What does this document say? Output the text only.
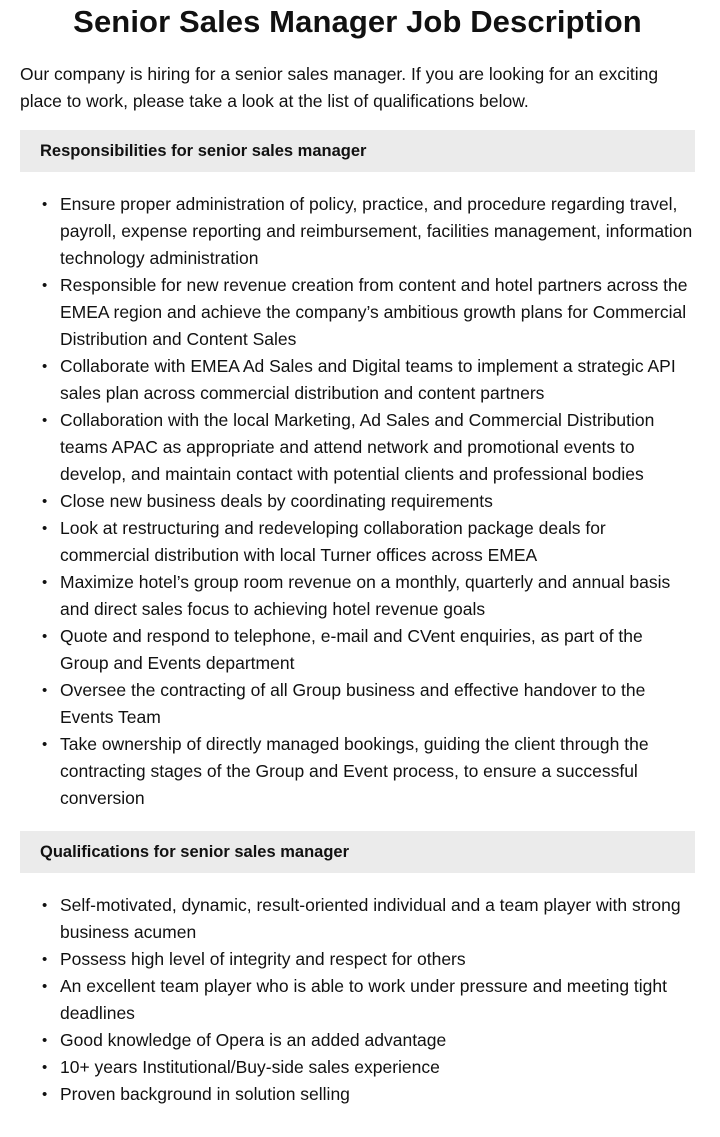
Senior Sales Manager Job Description

Our company is hiring for a senior sales manager. If you are looking for an exciting place to work, please take a look at the list of qualifications below.

Responsibilities for senior sales manager
• Ensure proper administration of policy, practice, and procedure regarding travel, payroll, expense reporting and reimbursement, facilities management, information technology administration
• Responsible for new revenue creation from content and hotel partners across the EMEA region and achieve the company’s ambitious growth plans for Commercial Distribution and Content Sales
• Collaborate with EMEA Ad Sales and Digital teams to implement a strategic API sales plan across commercial distribution and content partners
• Collaboration with the local Marketing, Ad Sales and Commercial Distribution teams APAC as appropriate and attend network and promotional events to develop, and maintain contact with potential clients and professional bodies
• Close new business deals by coordinating requirements
• Look at restructuring and redeveloping collaboration package deals for commercial distribution with local Turner offices across EMEA
• Maximize hotel’s group room revenue on a monthly, quarterly and annual basis and direct sales focus to achieving hotel revenue goals
• Quote and respond to telephone, e-mail and CVent enquiries, as part of the Group and Events department
• Oversee the contracting of all Group business and effective handover to the Events Team
• Take ownership of directly managed bookings, guiding the client through the contracting stages of the Group and Event process, to ensure a successful conversion
Qualifications for senior sales manager
• Self-motivated, dynamic, result-oriented individual and a team player with strong business acumen
• Possess high level of integrity and respect for others
• An excellent team player who is able to work under pressure and meeting tight deadlines
• Good knowledge of Opera is an added advantage
• 10+ years Institutional/Buy-side sales experience
• Proven background in solution selling
